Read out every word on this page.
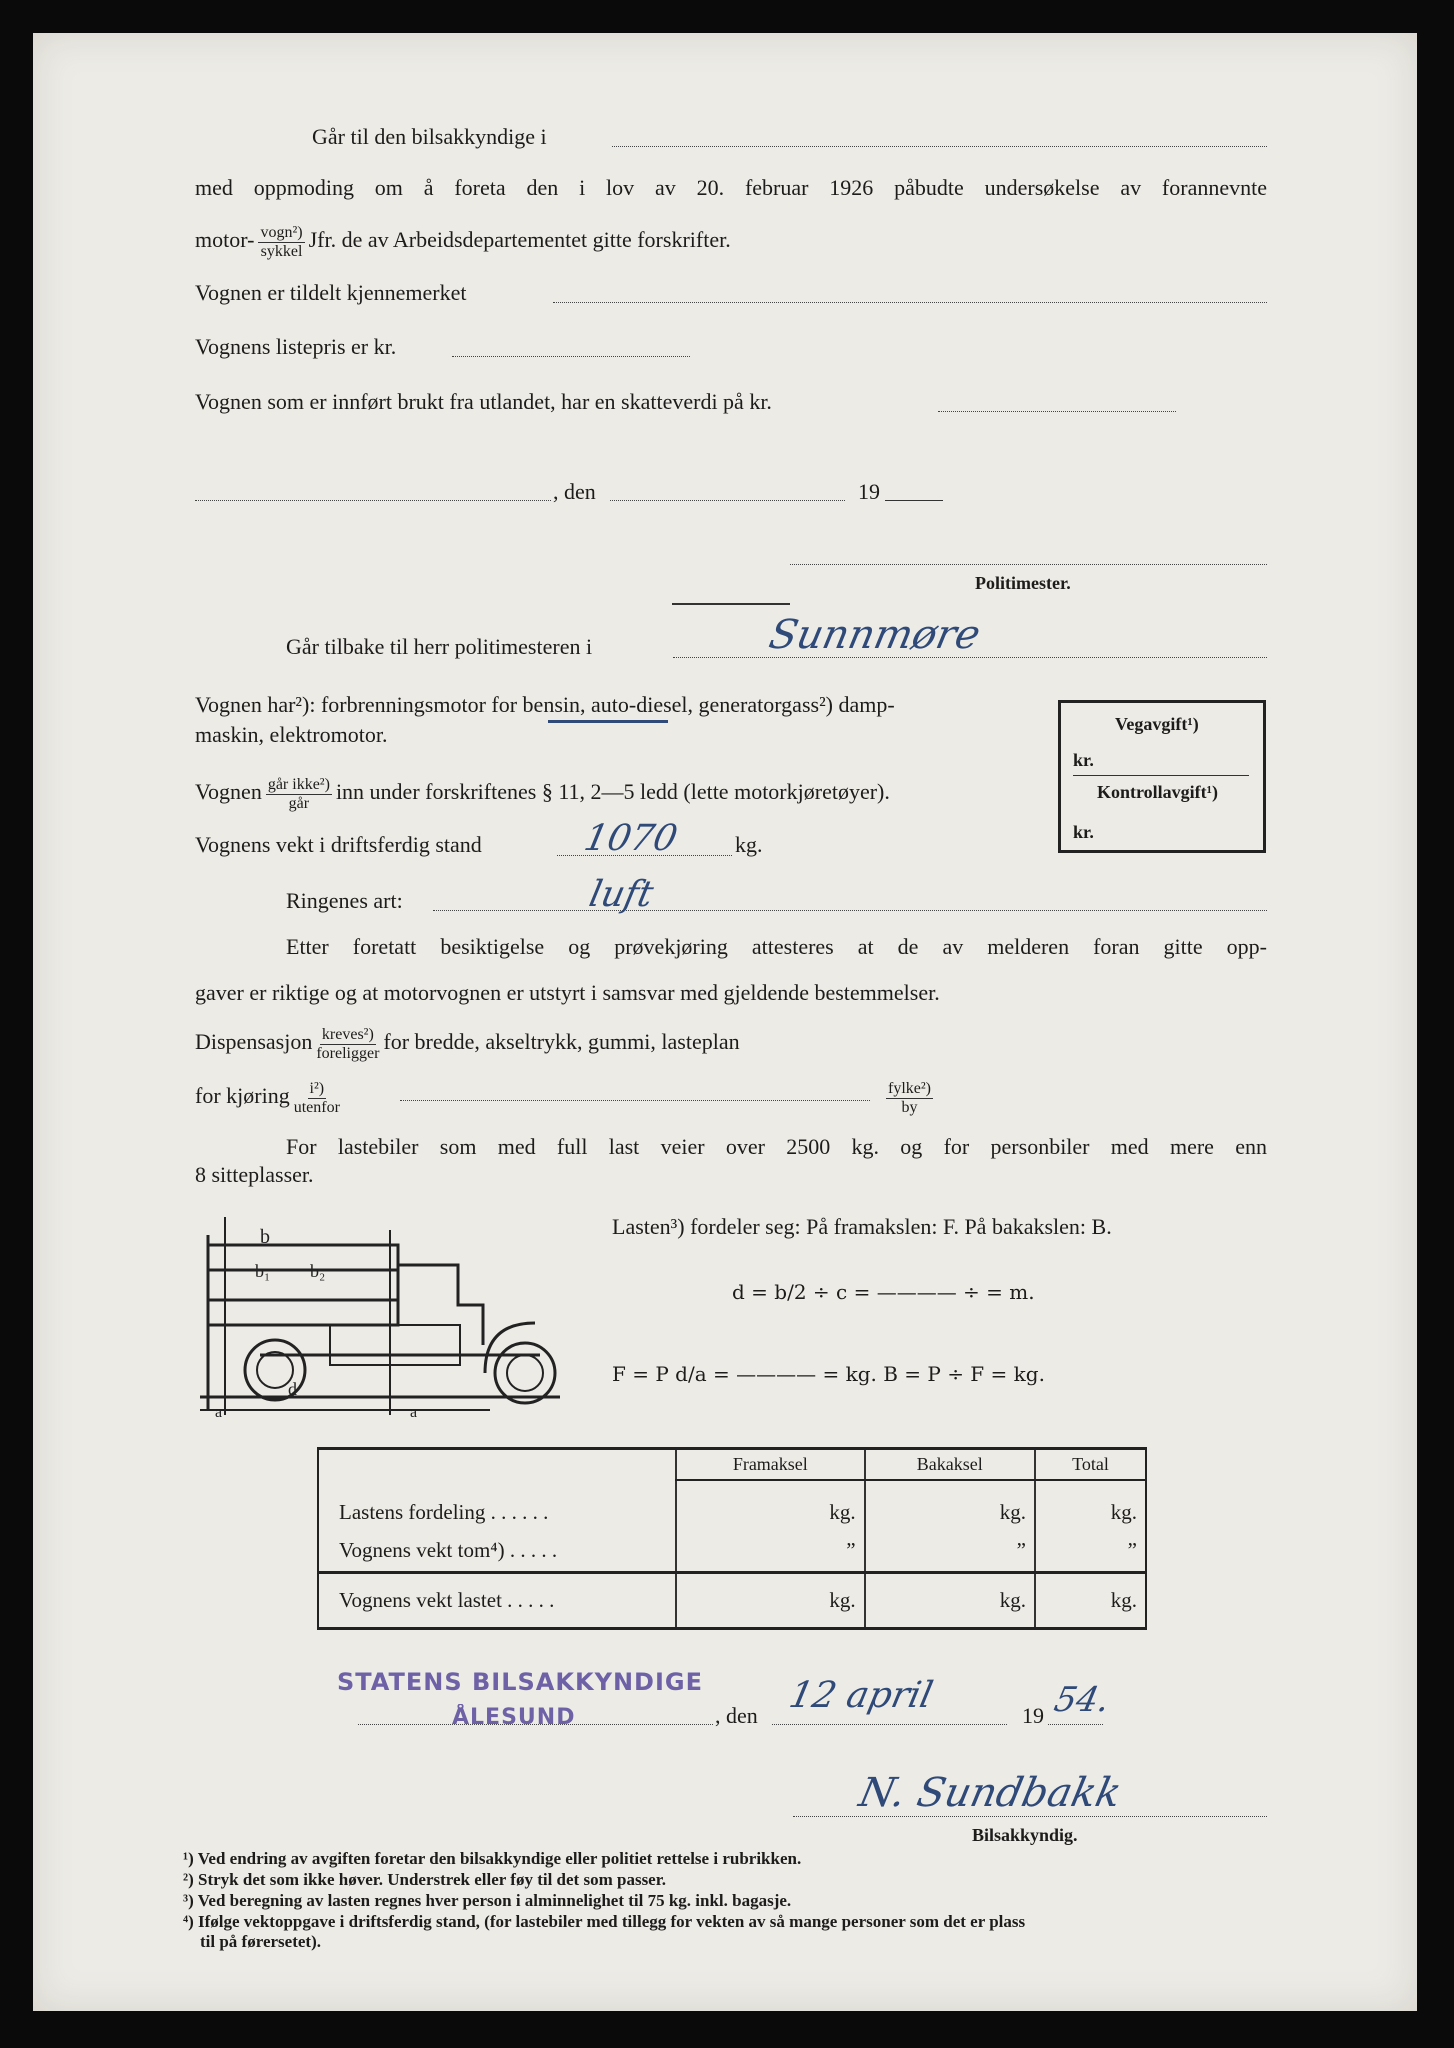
Går til den bilsakkyndige i
med oppmoding om å foreta den i lov av 20. februar 1926 påbudte undersøkelse av forannevnte
motor- $\frac{\text{vogn²)}}{\text{sykkel}}$ Jfr. de av Arbeidsdepartementet gitte forskrifter.
Vognen er tildelt kjennemerket
Vognens listepris er kr.
Vognen som er innført brukt fra utlandet, har en skatteverdi på kr.
, den	19
Politimester.
Går tilbake til herr politimesteren i	Sunnmøre
Vognen har²): forbrenningsmotor for bensin, auto-diesel, generatorgass²) damp-
maskin, elektromotor.
Vognen $\frac{\text{går ikke²)}}{\text{går}}$ inn under forskriftenes § 11, 2—5 ledd (lette motorkjøretøyer).
Vognens vekt i driftsferdig stand	1070 kg.
Ringenes art:	luft
Etter foretatt besiktigelse og prøvekjøring attesteres at de av melderen foran gitte opp-
gaver er riktige og at motorvognen er utstyrt i samsvar med gjeldende bestemmelser.
Dispensasjon $\frac{\text{kreves²)}}{\text{foreligger}}$ for bredde, akseltrykk, gummi, lasteplan
for kjøring $\frac{\text{i²)}}{\text{utenfor}}$	$\frac{\text{fylke²)}}{by}$
For lastebiler som med full last veier over 2500 kg. og for personbiler med mere enn
8 sitteplasser.
Vegavgift¹)
kr.
Kontrollavgift¹)
kr.
b
b₁ b₂
d
a	a
Lasten³) fordeler seg: På framakslen: F. På bakakslen: B.
d = b/2 ÷ c = ———— ÷ = m.
F = P d/a = ———— = kg. B = P ÷ F = kg.
	Framaksel	Bakaksel	Total
Lastens fordeling . . . . . .	kg.	kg.	kg.
Vognens vekt tom⁴) . . . . .	”	”	”
Vognens vekt lastet . . . . .	kg.	kg.	kg.
STATENS BILSAKKYNDIGE
ÅLESUND	, den 12 april	19 54.
N. Sundbakk
Bilsakkyndig.
¹) Ved endring av avgiften foretar den bilsakkyndige eller politiet rettelse i rubrikken.
²) Stryk det som ikke høver. Understrek eller føy til det som passer.
³) Ved beregning av lasten regnes hver person i alminnelighet til 75 kg. inkl. bagasje.
⁴) Ifølge vektoppgave i driftsferdig stand, (for lastebiler med tillegg for vekten av så mange personer som det er plass
til på førersetet).
